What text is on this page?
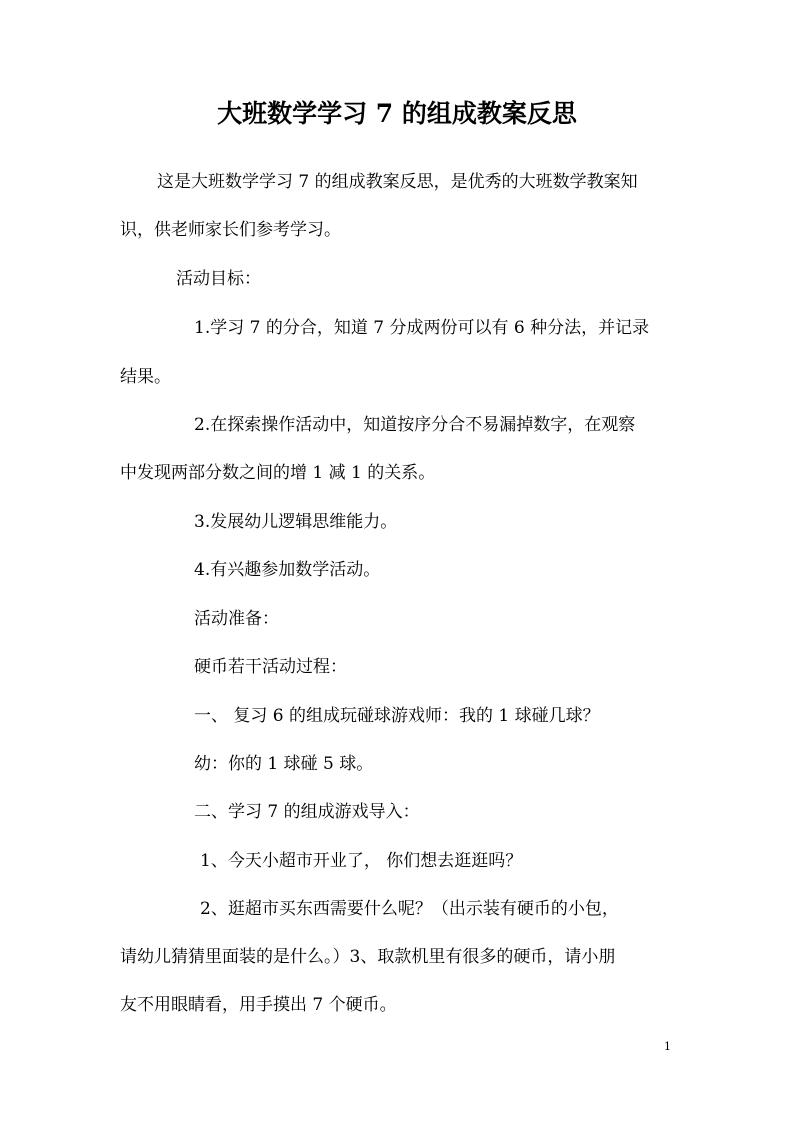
大班数学学习 7 的组成教案反思
这是大班数学学习 7 的组成教案反思，是优秀的大班数学教案知
识，供老师家长们参考学习。
活动目标：
1.学习 7 的分合，知道 7 分成两份可以有 6 种分法，并记录
结果。
2.在探索操作活动中，知道按序分合不易漏掉数字，在观察
中发现两部分数之间的增 1 减 1 的关系。
3.发展幼儿逻辑思维能力。
4.有兴趣参加数学活动。
活动准备：
硬币若干活动过程：
一、 复习 6 的组成玩碰球游戏师：我的 1 球碰几球？
幼：你的 1 球碰 5 球。
二、学习 7 的组成游戏导入：
1、今天小超市开业了， 你们想去逛逛吗？
2、逛超市买东西需要什么呢？（出示装有硬币的小包，
请幼儿猜猜里面装的是什么。）3、取款机里有很多的硬币，请小朋
友不用眼睛看，用手摸出 7 个硬币。
1
